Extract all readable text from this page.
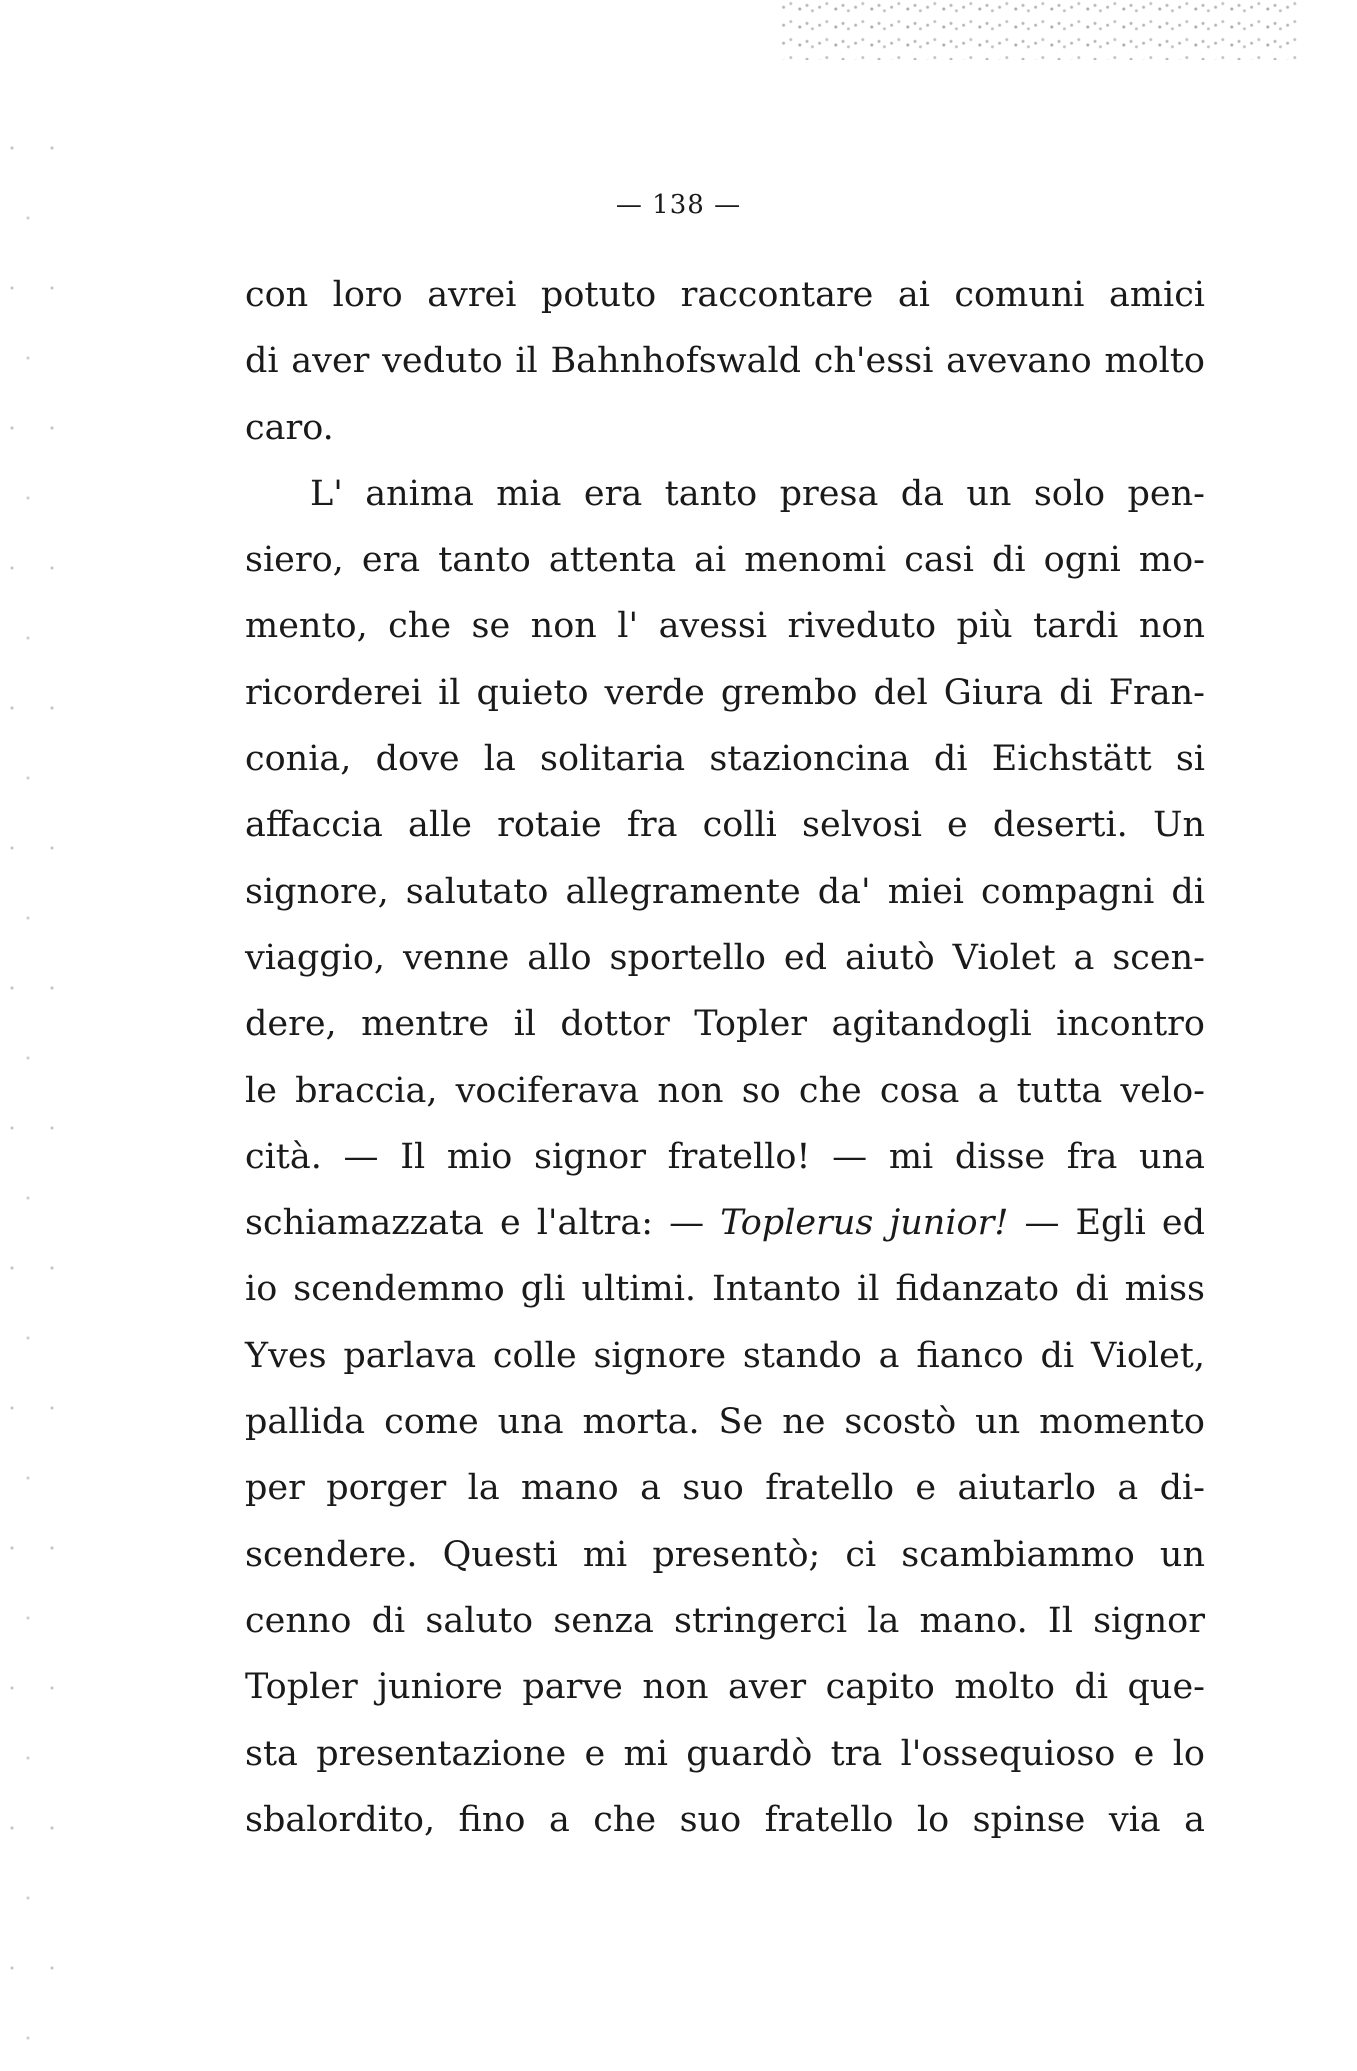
— 138 —
con loro avrei potuto raccontare ai comuni amici
di aver veduto il Bahnhofswald ch'essi avevano molto
caro.
L' anima mia era tanto presa da un solo pen-
siero, era tanto attenta ai menomi casi di ogni mo-
mento, che se non l' avessi riveduto più tardi non
ricorderei il quieto verde grembo del Giura di Fran-
conia, dove la solitaria stazioncina di Eichstätt si
affaccia alle rotaie fra colli selvosi e deserti. Un
signore, salutato allegramente da' miei compagni di
viaggio, venne allo sportello ed aiutò Violet a scen-
dere, mentre il dottor Topler agitandogli incontro
le braccia, vociferava non so che cosa a tutta velo-
cità. — Il mio signor fratello! — mi disse fra una
schiamazzata e l'altra: — Toplerus junior! — Egli ed
io scendemmo gli ultimi. Intanto il fidanzato di miss
Yves parlava colle signore stando a fianco di Violet,
pallida come una morta. Se ne scostò un momento
per porger la mano a suo fratello e aiutarlo a di-
scendere. Questi mi presentò; ci scambiammo un
cenno di saluto senza stringerci la mano. Il signor
Topler juniore parve non aver capito molto di que-
sta presentazione e mi guardò tra l'ossequioso e lo
sbalordito, fino a che suo fratello lo spinse via a
